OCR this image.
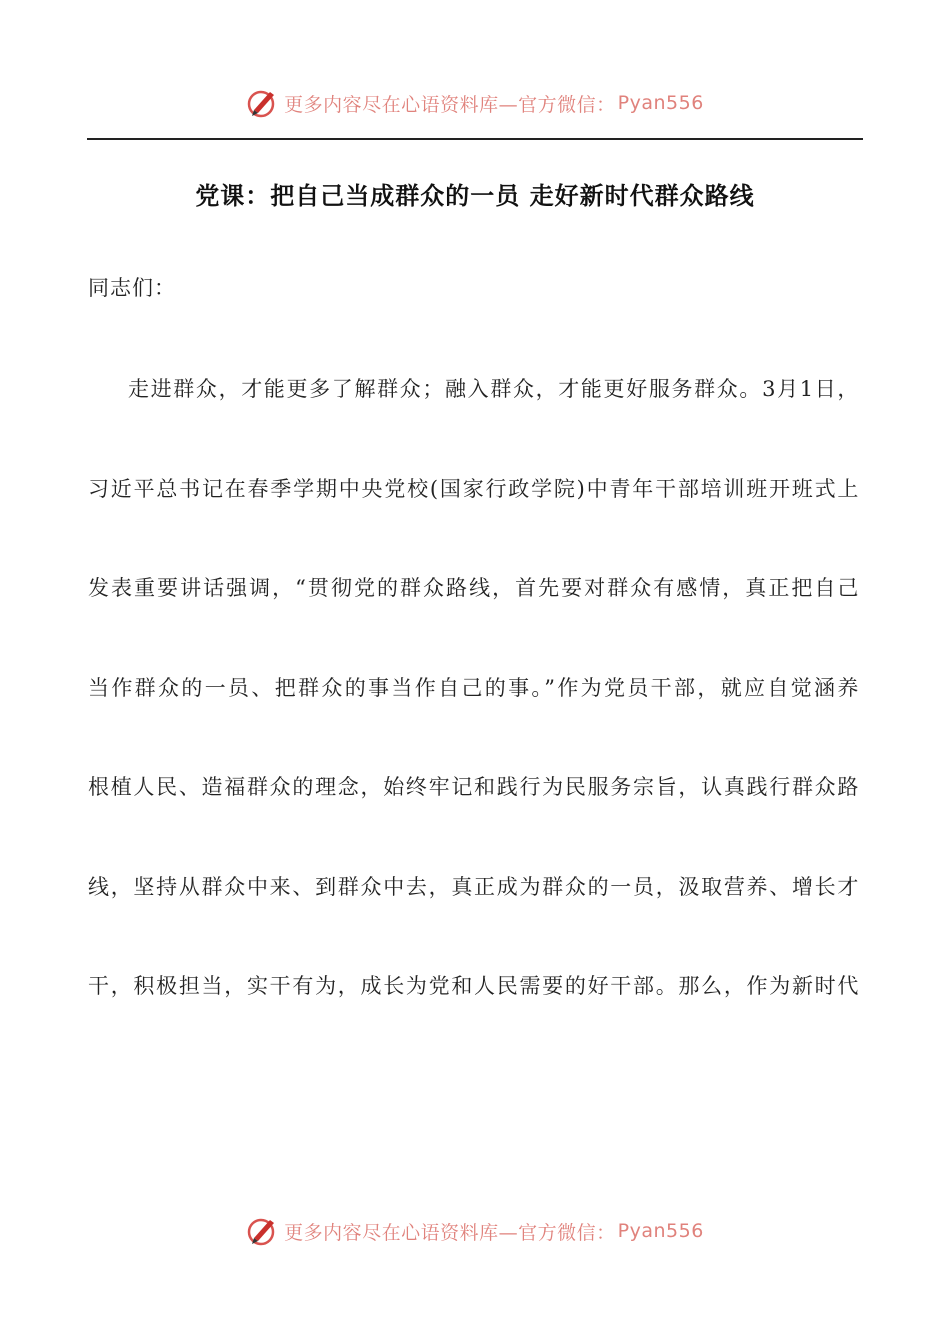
更多内容尽在心语资料库—官方微信： Pyan556
党课：把自己当成群众的一员 走好新时代群众路线
同志们：
走进群众，才能更多了解群众；融入群众，才能更好服务群众。3月1日，
习近平总书记在春季学期中央党校(国家行政学院)中青年干部培训班开班式上
发表重要讲话强调，“贯彻党的群众路线，首先要对群众有感情，真正把自己
当作群众的一员、把群众的事当作自己的事。”作为党员干部，就应自觉涵养
根植人民、造福群众的理念，始终牢记和践行为民服务宗旨，认真践行群众路
线，坚持从群众中来、到群众中去，真正成为群众的一员，汲取营养、增长才
干，积极担当，实干有为，成长为党和人民需要的好干部。那么，作为新时代
更多内容尽在心语资料库—官方微信： Pyan556
